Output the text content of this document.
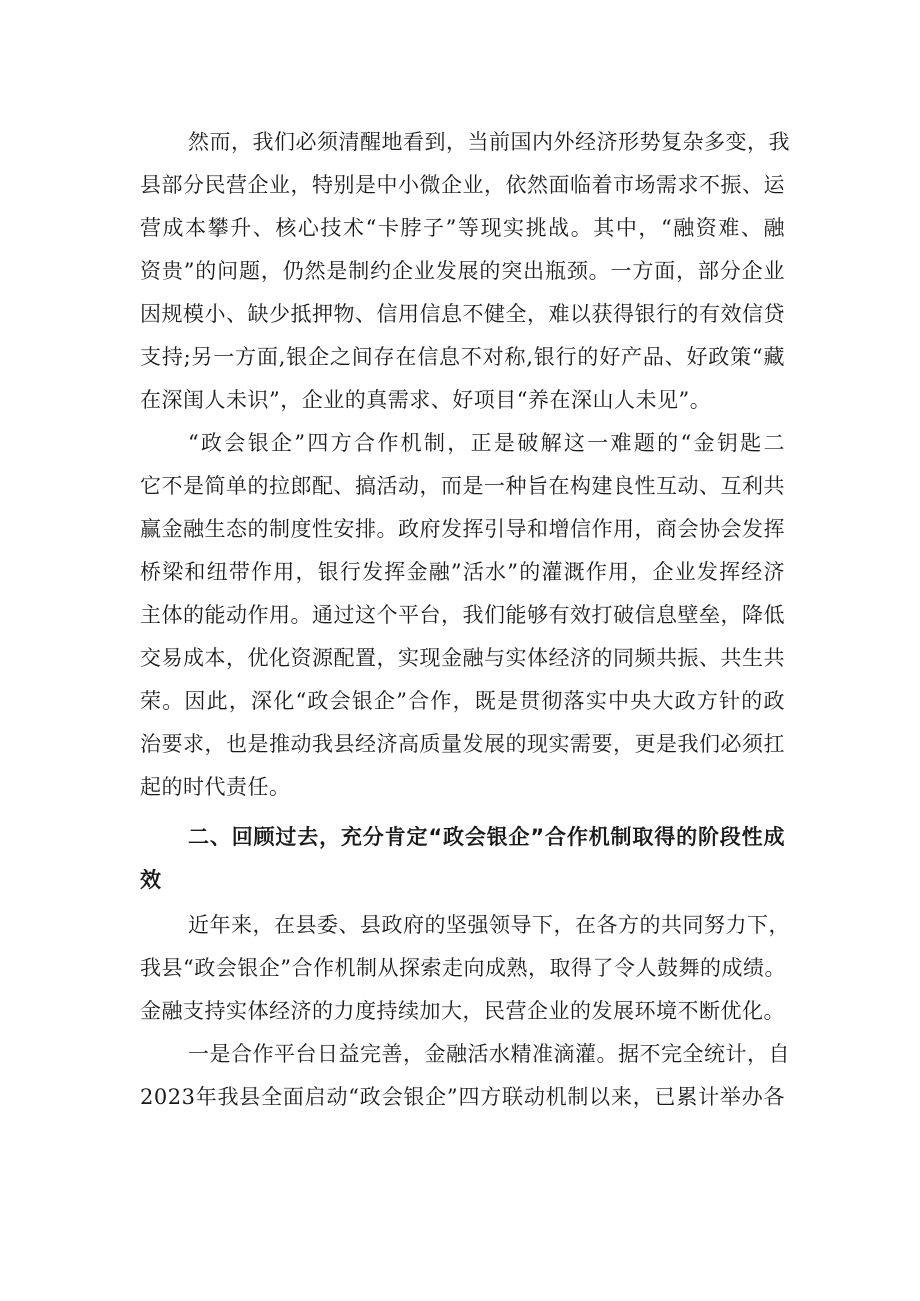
然而，我们必须清醒地看到，当前国内外经济形势复杂多变，我
县部分民营企业，特别是中小微企业，依然面临着市场需求不振、运
营成本攀升、核心技术“卡脖子”等现实挑战。其中，“融资难、融
资贵”的问题，仍然是制约企业发展的突出瓶颈。一方面，部分企业
因规模小、缺少抵押物、信用信息不健全，难以获得银行的有效信贷
支持;另一方面,银企之间存在信息不对称,银行的好产品、好政策“藏
在深闺人未识”，企业的真需求、好项目“养在深山人未见”。
“政会银企”四方合作机制，正是破解这一难题的“金钥匙二
它不是简单的拉郎配、搞活动，而是一种旨在构建良性互动、互利共
赢金融生态的制度性安排。政府发挥引导和增信作用，商会协会发挥
桥梁和纽带作用，银行发挥金融”活水”的灌溉作用，企业发挥经济
主体的能动作用。通过这个平台，我们能够有效打破信息壁垒，降低
交易成本，优化资源配置，实现金融与实体经济的同频共振、共生共
荣。因此，深化“政会银企”合作，既是贯彻落实中央大政方针的政
治要求，也是推动我县经济高质量发展的现实需要，更是我们必须扛
起的时代责任。
二、回顾过去，充分肯定“政会银企”合作机制取得的阶段性成
效
近年来，在县委、县政府的坚强领导下，在各方的共同努力下，
我县“政会银企”合作机制从探索走向成熟，取得了令人鼓舞的成绩。
金融支持实体经济的力度持续加大，民营企业的发展环境不断优化。
一是合作平台日益完善，金融活水精准滴灌。据不完全统计，自
2023年我县全面启动“政会银企”四方联动机制以来，已累计举办各
